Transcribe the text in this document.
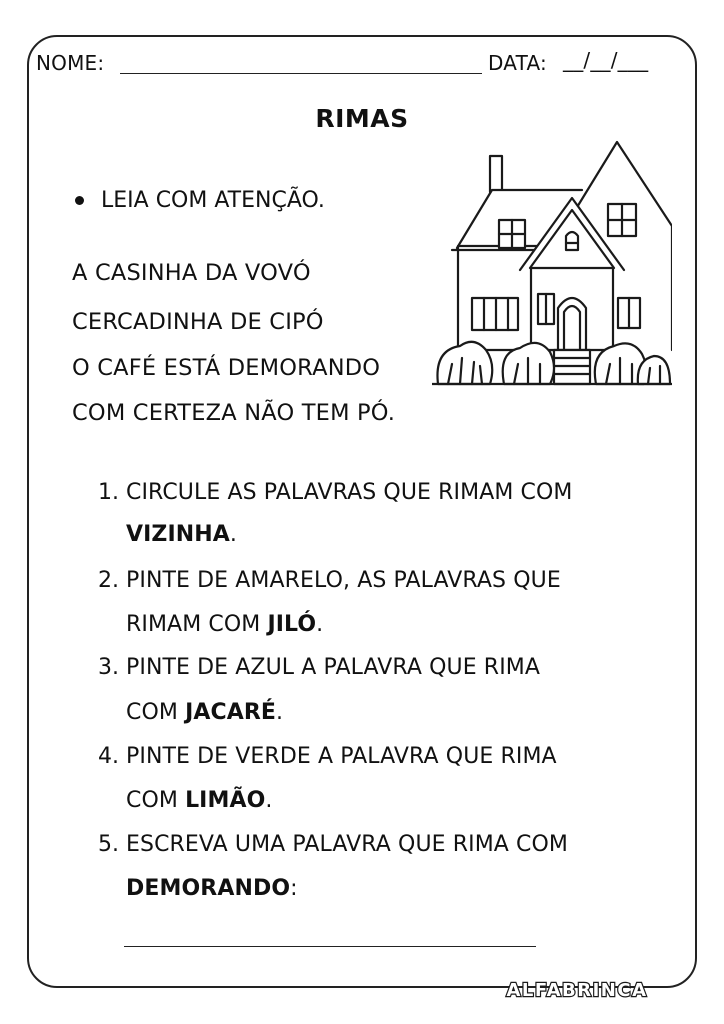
NOME:	DATA: __/__/___
RIMAS
LEIA COM ATENÇÃO.
A CASINHA DA VOVÓ
CERCADINHA DE CIPÓ
O CAFÉ ESTÁ DEMORANDO
COM CERTEZA NÃO TEM PÓ.
1. CIRCULE AS PALAVRAS QUE RIMAM COM
VIZINHA.
2. PINTE DE AMARELO, AS PALAVRAS QUE
RIMAM COM JILÓ.
3. PINTE DE AZUL A PALAVRA QUE RIMA
COM JACARÉ.
4. PINTE DE VERDE A PALAVRA QUE RIMA
COM LIMÃO.
5. ESCREVA UMA PALAVRA QUE RIMA COM
DEMORANDO:
ALFABRINCA
